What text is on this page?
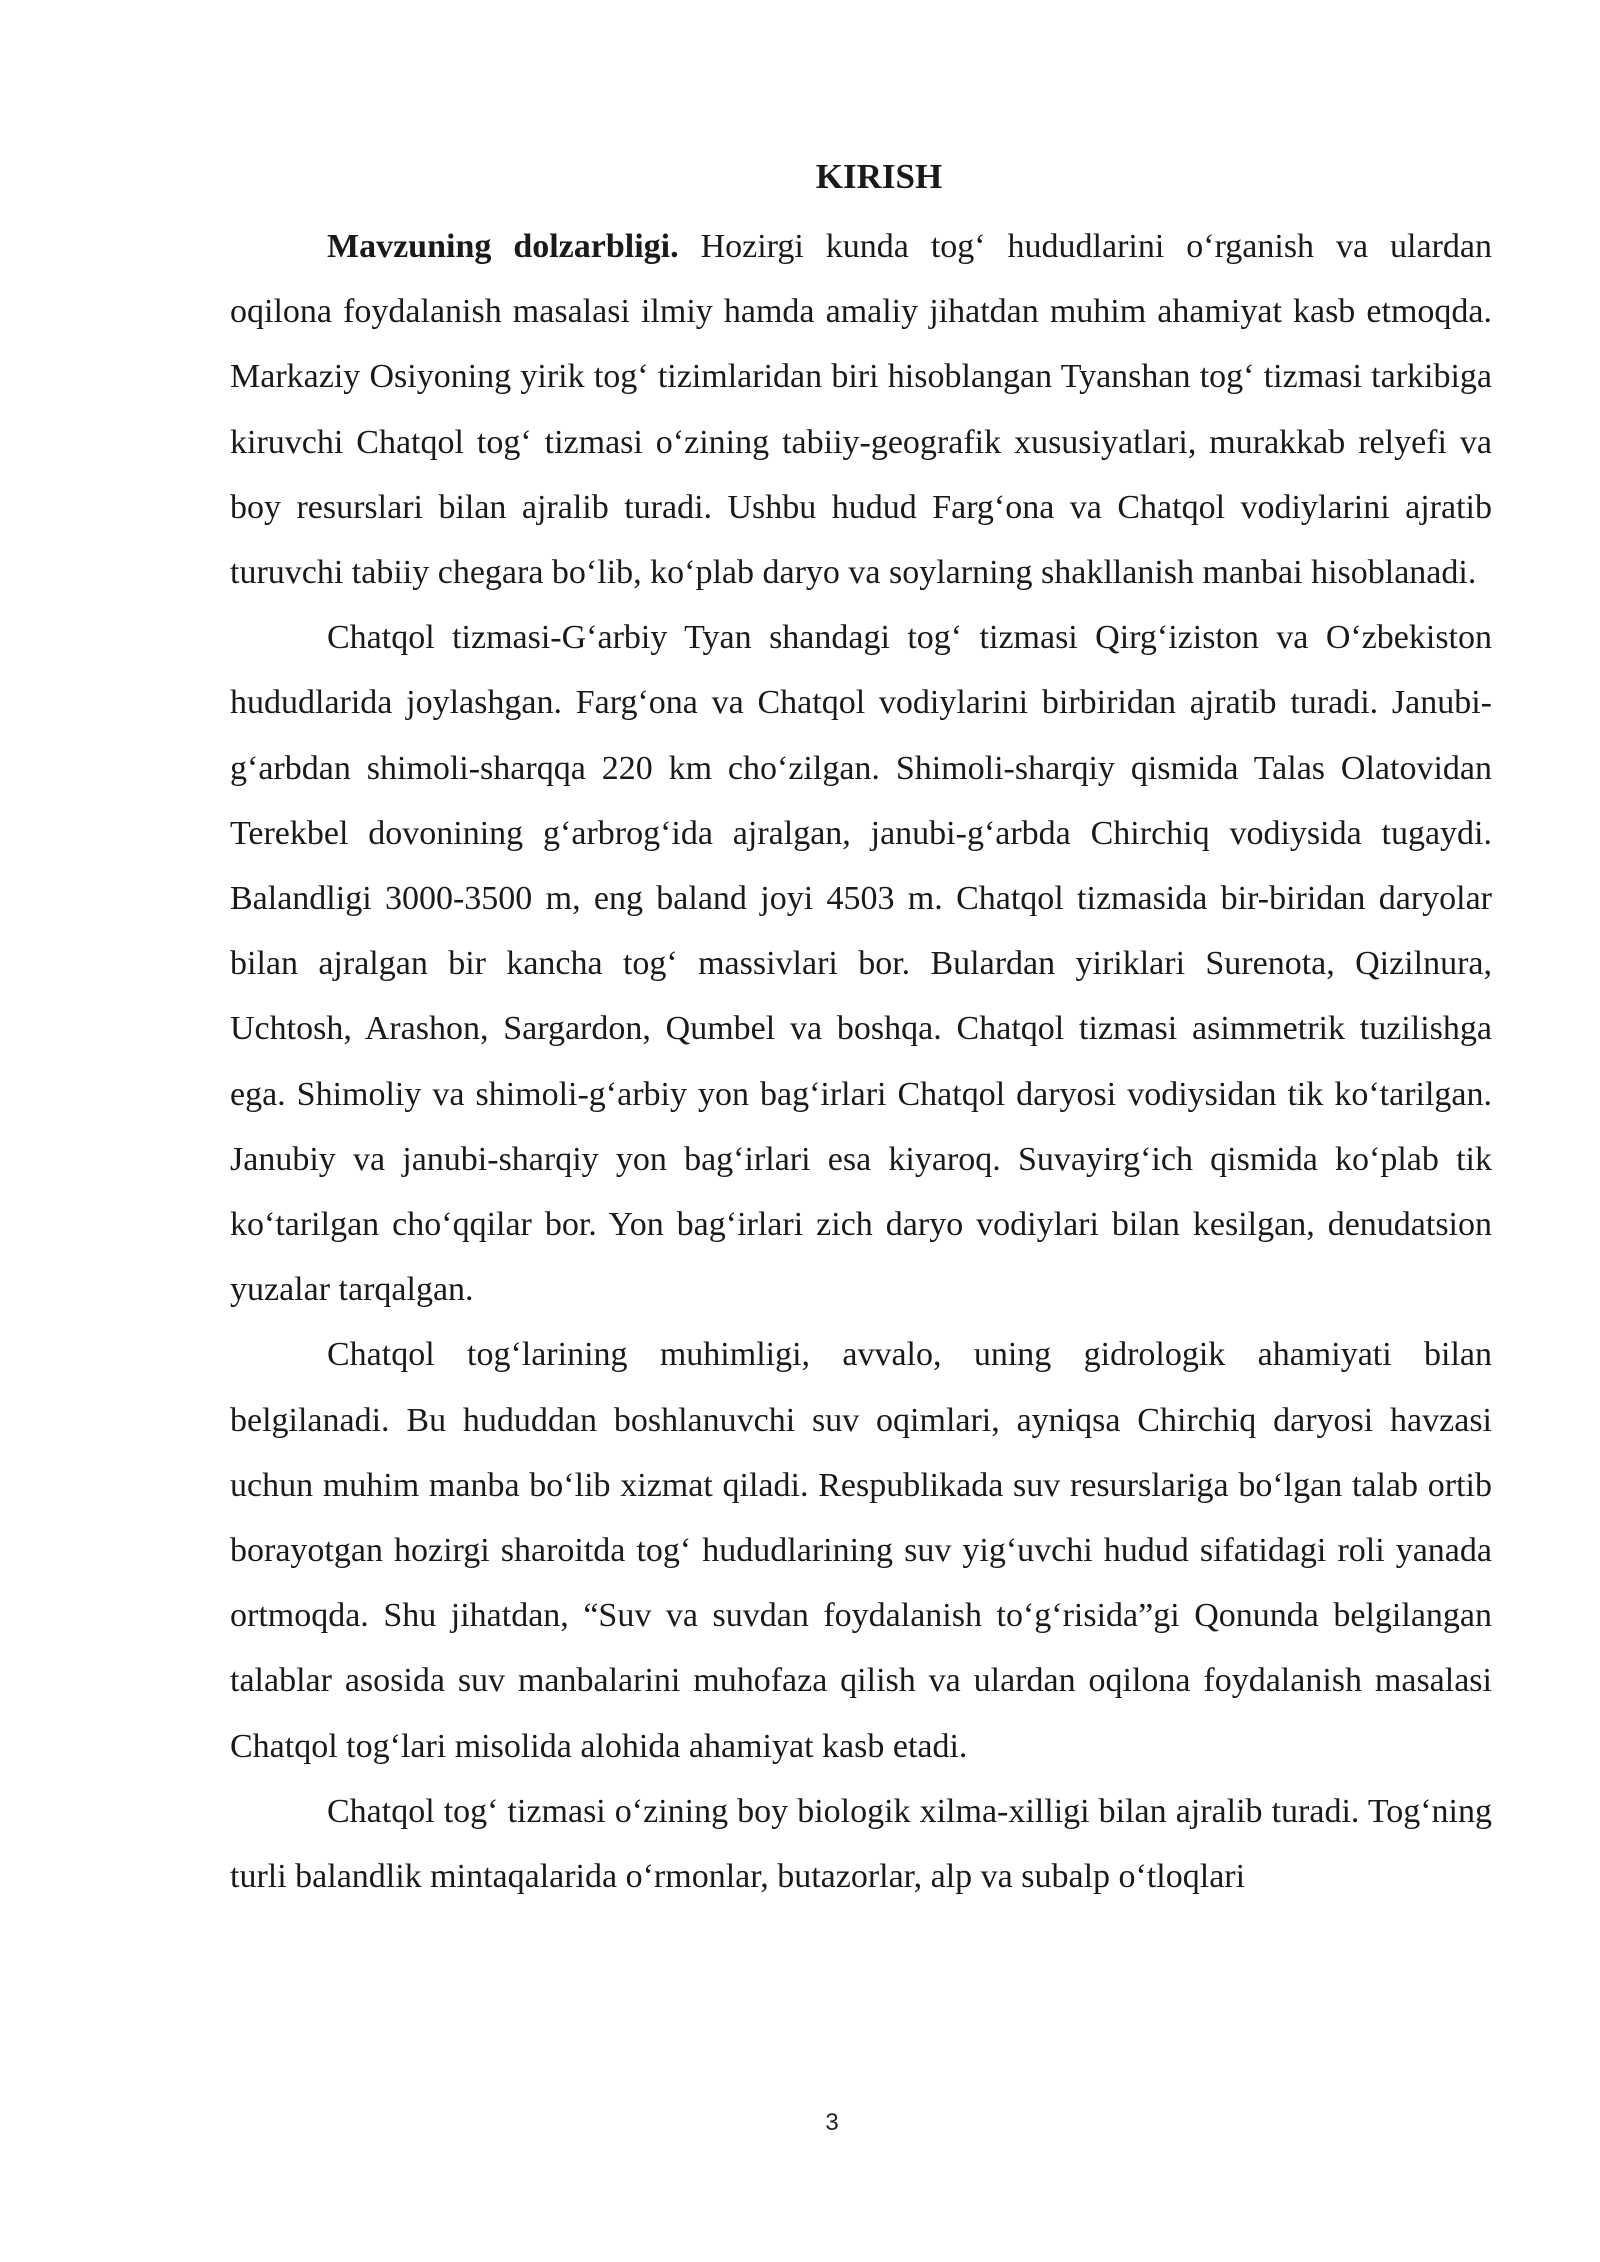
KIRISH

Mavzuning dolzarbligi. Hozirgi kunda tog‘ hududlarini o‘rganish va ulardan oqilona foydalanish masalasi ilmiy hamda amaliy jihatdan muhim ahamiyat kasb etmoqda. Markaziy Osiyoning yirik tog‘ tizimlaridan biri hisoblangan Tyanshan tog‘ tizmasi tarkibiga kiruvchi Chatqol tog‘ tizmasi o‘zining tabiiy-geografik xususiyatlari, murakkab relyefi va boy resurslari bilan ajralib turadi. Ushbu hudud Farg‘ona va Chatqol vodiylarini ajratib turuvchi tabiiy chegara bo‘lib, ko‘plab daryo va soylarning shakllanish manbai hisoblanadi.

Chatqol tizmasi-G‘arbiy Tyan shandagi tog‘ tizmasi Qirg‘iziston va O‘zbekiston hududlarida joylashgan. Farg‘ona va Chatqol vodiylarini birbiridan ajratib turadi. Janubi-g‘arbdan shimoli-sharqqa 220 km cho‘zilgan. Shimoli-sharqiy qismida Talas Olatovidan Terekbel dovonining g‘arbrog‘ida ajralgan, janubi-g‘arbda Chirchiq vodiysida tugaydi. Balandligi 3000-3500 m, eng baland joyi 4503 m. Chatqol tizmasida bir-biridan daryolar bilan ajralgan bir kancha tog‘ massivlari bor. Bulardan yiriklari Surenota, Qizilnura, Uchtosh, Arashon, Sargardon, Qumbel va boshqa. Chatqol tizmasi asimmetrik tuzilishga ega. Shimoliy va shimoli-g‘arbiy yon bag‘irlari Chatqol daryosi vodiysidan tik ko‘tarilgan. Janubiy va janubi-sharqiy yon bag‘irlari esa kiyaroq. Suvayirg‘ich qismida ko‘plab tik ko‘tarilgan cho‘qqilar bor. Yon bag‘irlari zich daryo vodiylari bilan kesilgan, denudatsion yuzalar tarqalgan.

Chatqol tog‘larining muhimligi, avvalo, uning gidrologik ahamiyati bilan belgilanadi. Bu hududdan boshlanuvchi suv oqimlari, ayniqsa Chirchiq daryosi havzasi uchun muhim manba bo‘lib xizmat qiladi. Respublikada suv resurslariga bo‘lgan talab ortib borayotgan hozirgi sharoitda tog‘ hududlarining suv yig‘uvchi hudud sifatidagi roli yanada ortmoqda. Shu jihatdan, “Suv va suvdan foydalanish to‘g‘risida”gi Qonunda belgilangan talablar asosida suv manbalarini muhofaza qilish va ulardan oqilona foydalanish masalasi Chatqol tog‘lari misolida alohida ahamiyat kasb etadi.

Chatqol tog‘ tizmasi o‘zining boy biologik xilma-xilligi bilan ajralib turadi. Tog‘ning turli balandlik mintaqalarida o‘rmonlar, butazorlar, alp va subalp o‘tloqlari

3
